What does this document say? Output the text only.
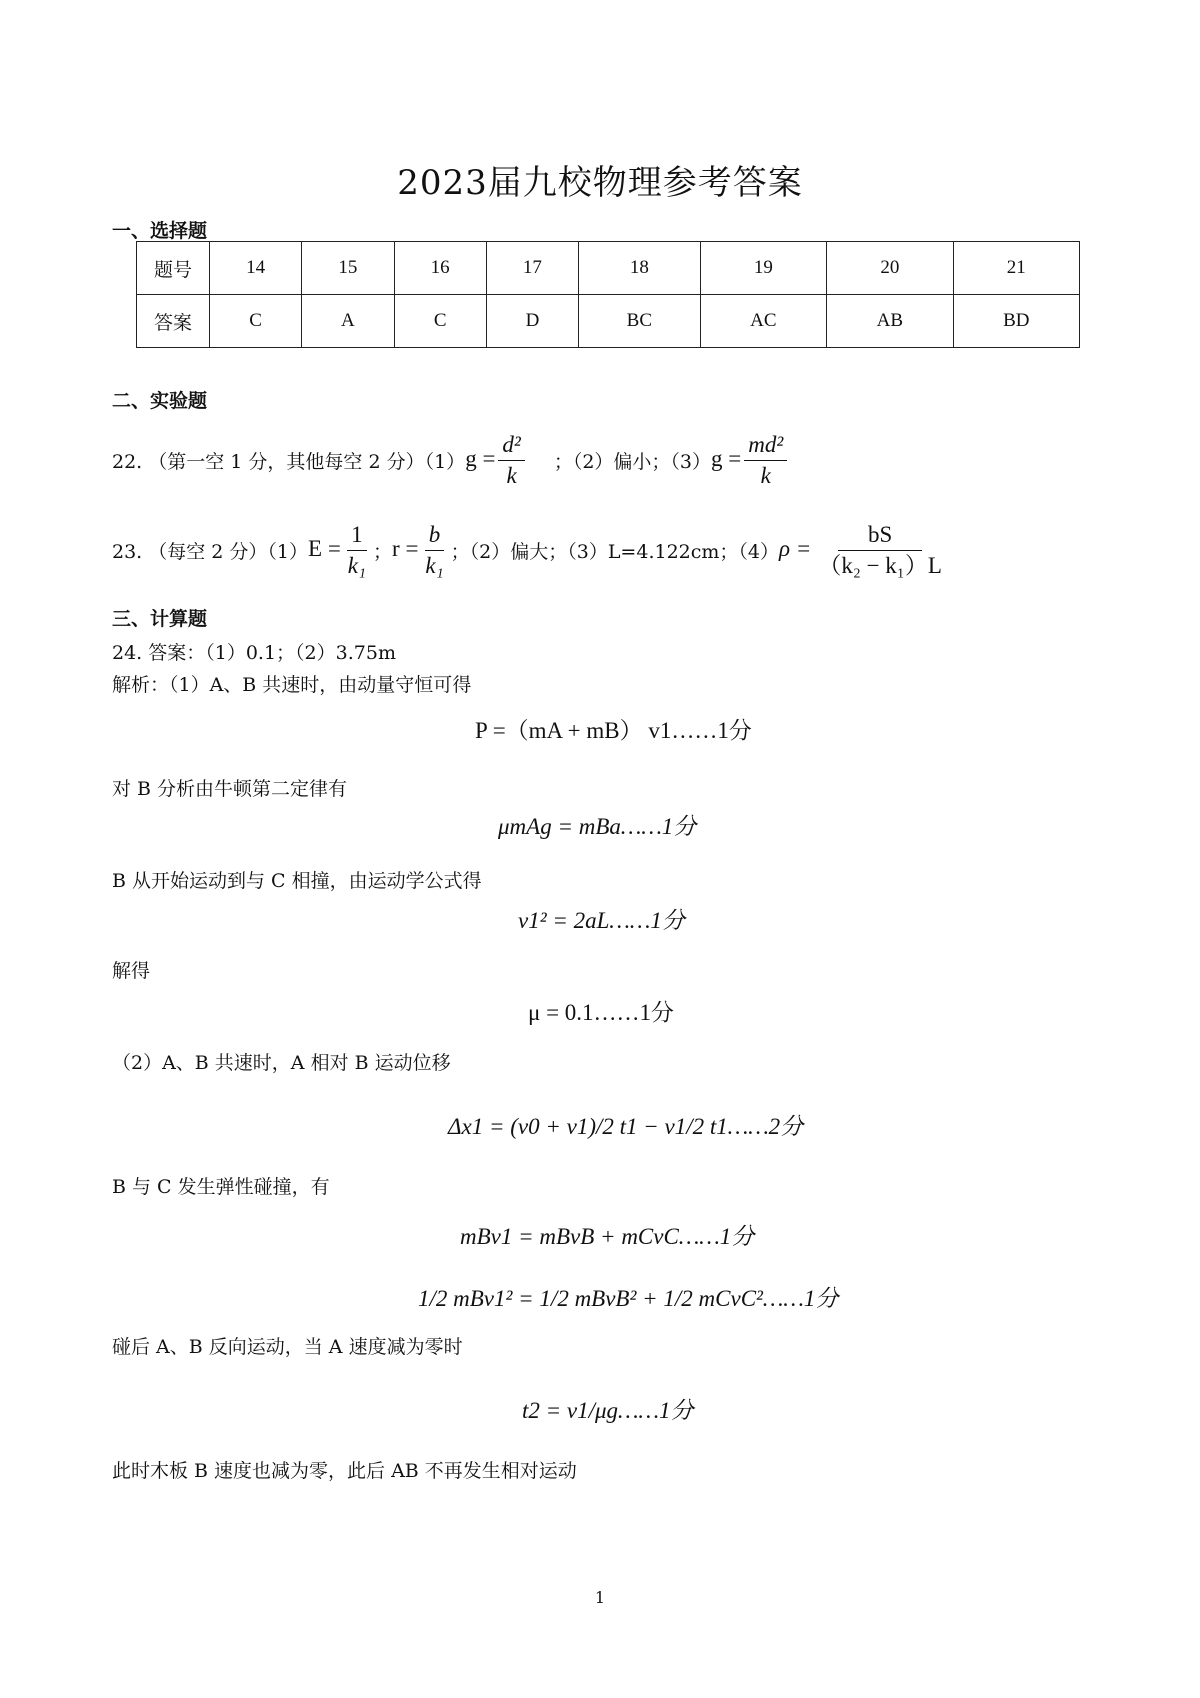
2023届九校物理参考答案
一、选择题
题号	14	15	16	17	18	19	20	21
答案	C	A	C	D	BC	AC	AB	BD
二、实验题
22. （第一空 1 分，其他每空 2 分）（1） $g = \frac{\text{d²}}{k}$ ；（2）偏小；（3） $g = \frac{\text{md²}}{k}$
23. （每空 2 分）（1） $E = \frac{1}{\text{k₁}}$ ； $r = \frac{b}{\text{k₁}}$ ；（2）偏大；（3）L=4.122cm；（4） $\rho = \frac{bS}{\text{（k₂ − k₁）L}}$
三、计算题
24. 答案：（1）0.1；（2）3.75m
解析：（1）A、B 共速时，由动量守恒可得
P =（mA + mB） v1……1分
对 B 分析由牛顿第二定律有
μmAg = mBa……1分
B 从开始运动到与 C 相撞，由运动学公式得
v1² = 2aL……1分
解得
μ = 0.1……1分
（2）A、B 共速时，A 相对 B 运动位移
Δx1 = (v0 + v1)/2 t1 − v1/2 t1……2分
B 与 C 发生弹性碰撞，有
mBv1 = mBvB + mCvC……1分
1/2 mBv1² = 1/2 mBvB² + 1/2 mCvC²……1分
碰后 A、B 反向运动，当 A 速度减为零时
t2 = v1/μg……1分
此时木板 B 速度也减为零，此后 AB 不再发生相对运动
1
